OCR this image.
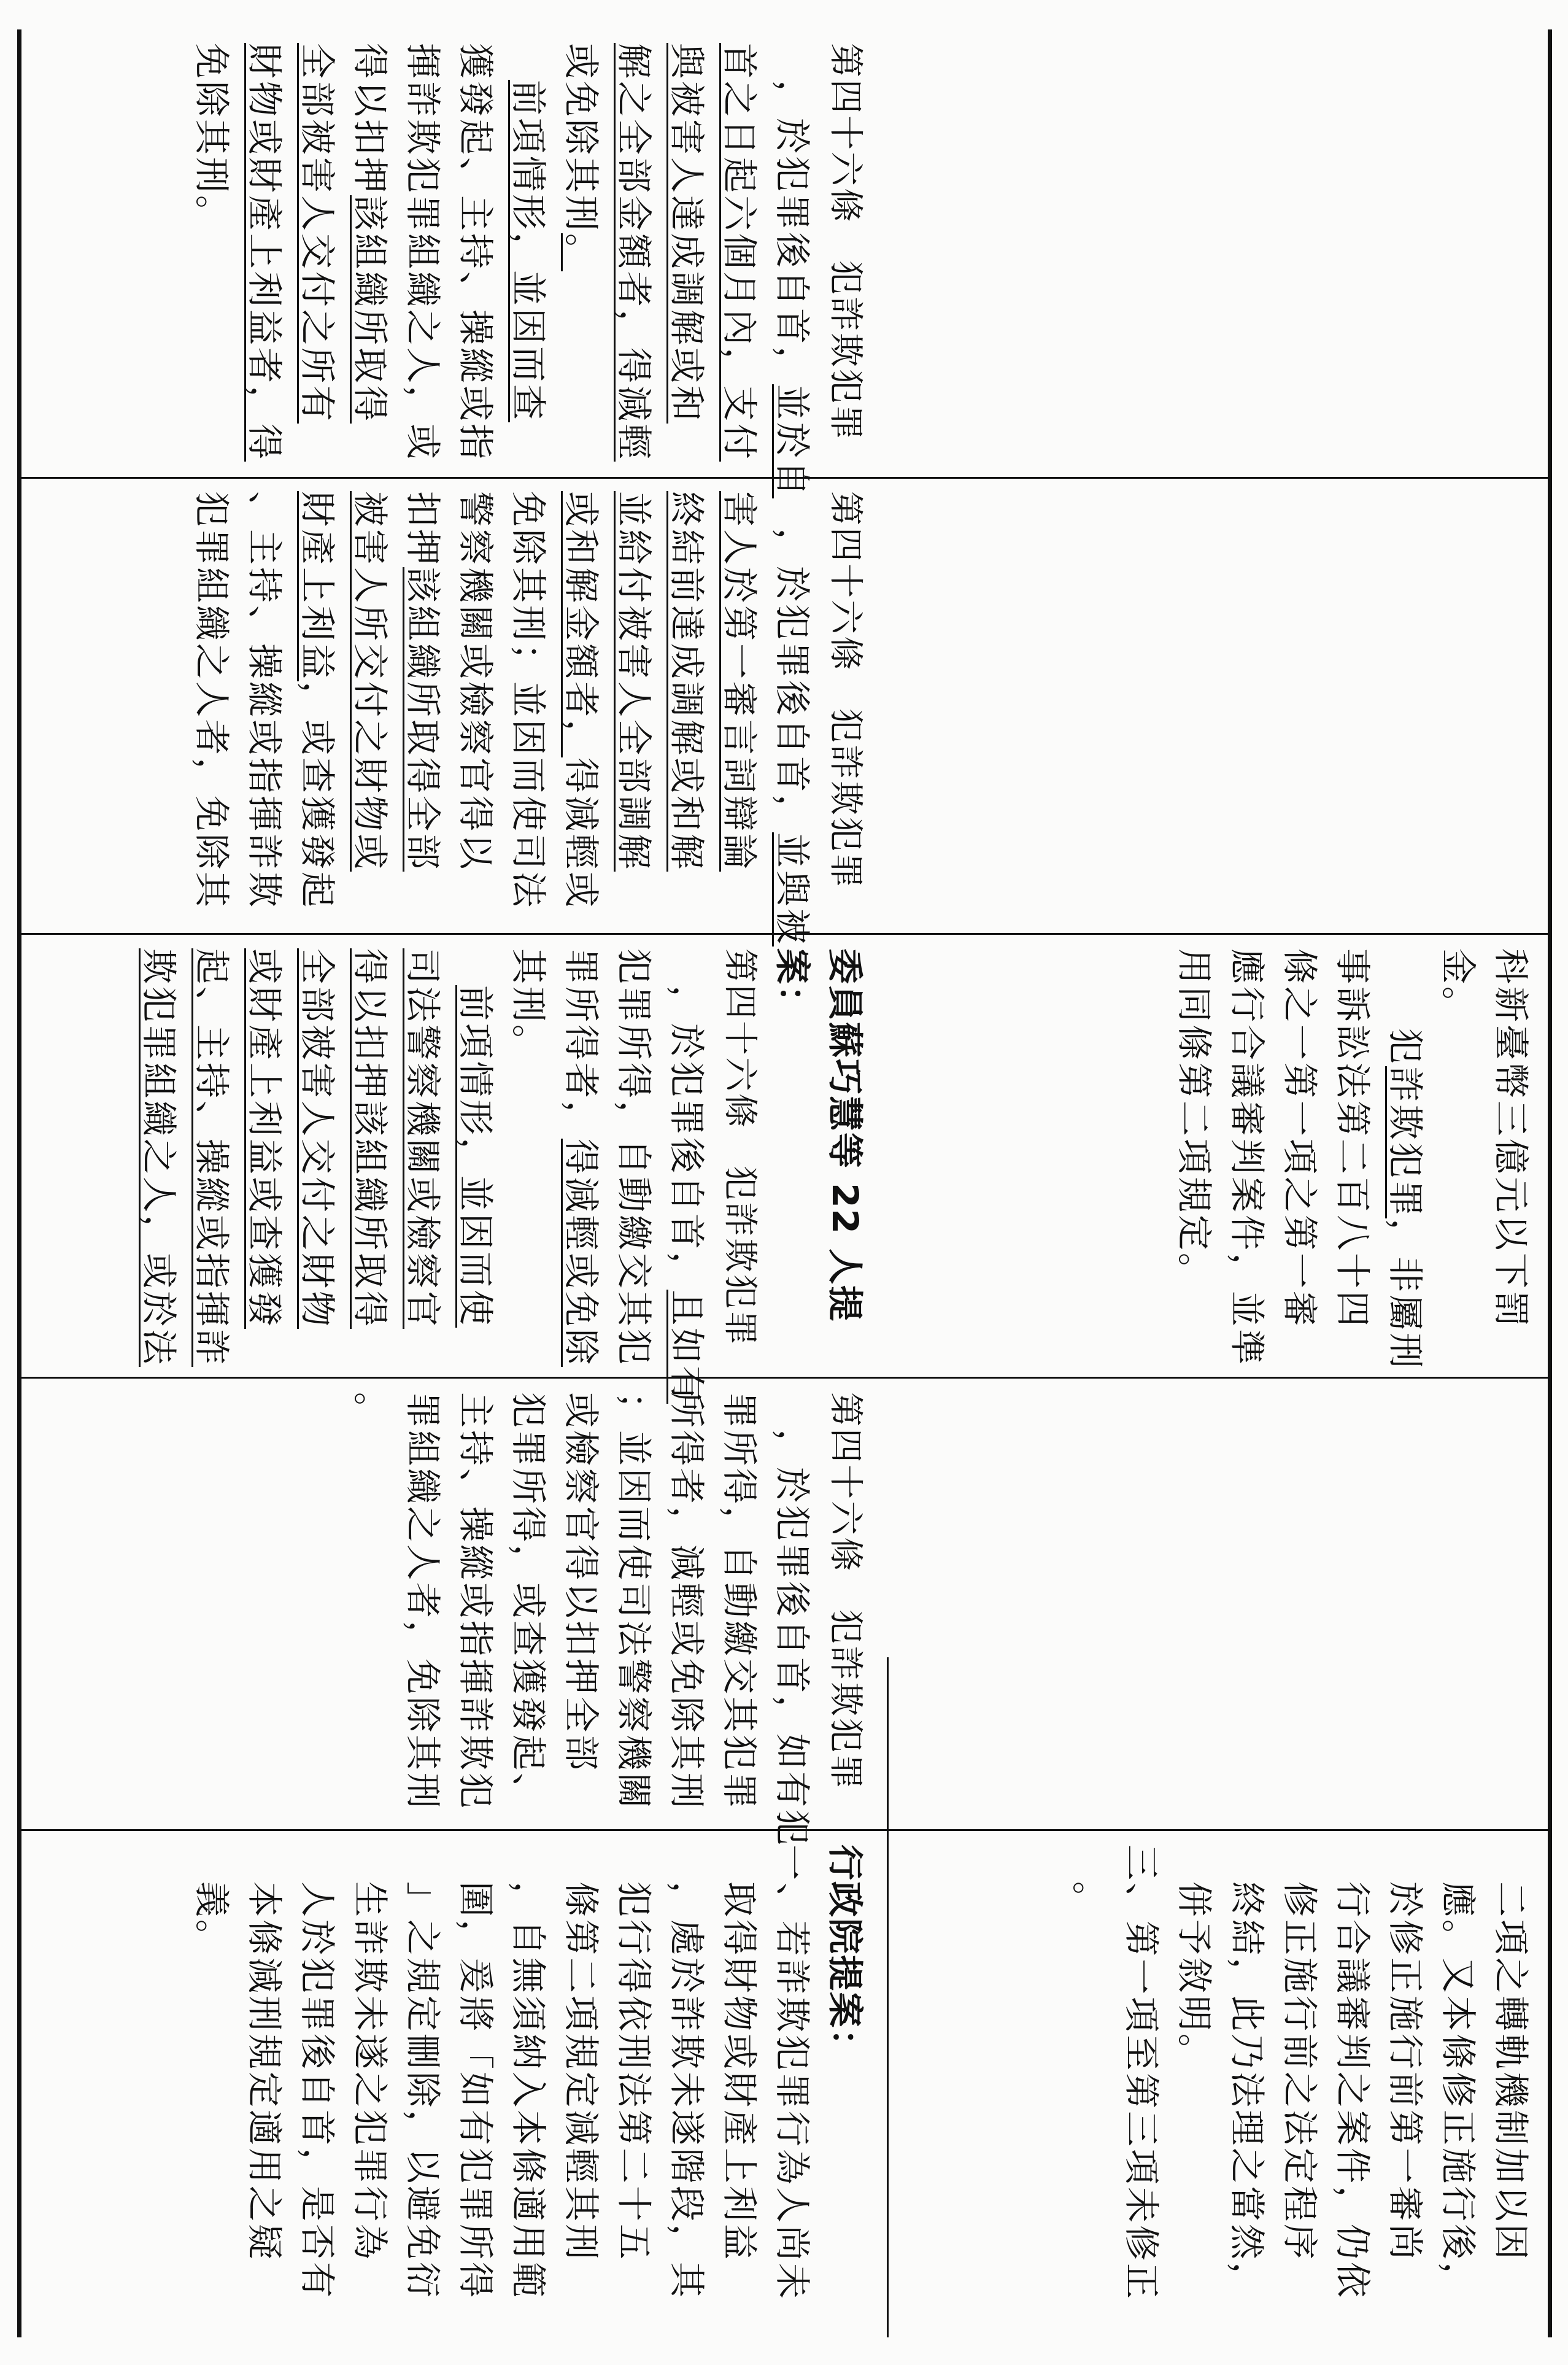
第四十六條　犯詐欺犯罪
，於犯罪後自首，並於自
首之日起六個月內，支付
與被害人達成調解或和
解之全部金額者，得減輕
或免除其刑。
前項情形，並因而查
獲發起、主持、操縱或指
揮詐欺犯罪組織之人，或
得以扣押該組織所取得
全部被害人交付之所有
財物或財產上利益者，得
免除其刑。
第四十六條　犯詐欺犯罪
，於犯罪後自首，並與被
害人於第一審言詞辯論
終結前達成調解或和解
並給付被害人全部調解
或和解金額者，得減輕或
免除其刑；並因而使司法
警察機關或檢察官得以
扣押該組織所取得全部
被害人所交付之財物或
財產上利益，或查獲發起
、主持、操縱或指揮詐欺
犯罪組織之人者，免除其
科新臺幣三億元以下罰
金。
犯詐欺犯罪，非屬刑
事訴訟法第二百八十四
條之一第一項之第一審
應行合議審判案件，並準
用同條第二項規定。
委員蘇巧慧等 22 人提案：
第四十六條　犯詐欺犯罪
，於犯罪後自首，且如有
犯罪所得，自動繳交其犯
罪所得者，得減輕或免除
其刑。
前項情形，並因而使
司法警察機關或檢察官
得以扣押該組織所取得
全部被害人交付之財物
或財產上利益或查獲發
起、主持、操縱或指揮詐
欺犯罪組織之人，或於法
第四十六條　犯詐欺犯罪
，於犯罪後自首，如有犯
罪所得，自動繳交其犯罪
所得者，減輕或免除其刑
；並因而使司法警察機關
或檢察官得以扣押全部
犯罪所得，或查獲發起、
主持、操縱或指揮詐欺犯
罪組織之人者，免除其刑
。
二項之轉軌機制加以因
應。又本條修正施行後，
於修正施行前第一審尚
行合議審判之案件，仍依
修正施行前之法定程序
終結，此乃法理之當然，
併予敘明。
三、第一項至第三項未修正
。
行政院提案：
一、若詐欺犯罪行為人尚未
取得財物或財產上利益
，處於詐欺未遂階段，其
犯行得依刑法第二十五
條第二項規定減輕其刑
，自無須納入本條適用範
圍，爰將「如有犯罪所得
」之規定刪除，以避免衍
生詐欺未遂之犯罪行為
人於犯罪後自首，是否有
本條減刑規定適用之疑
義。
